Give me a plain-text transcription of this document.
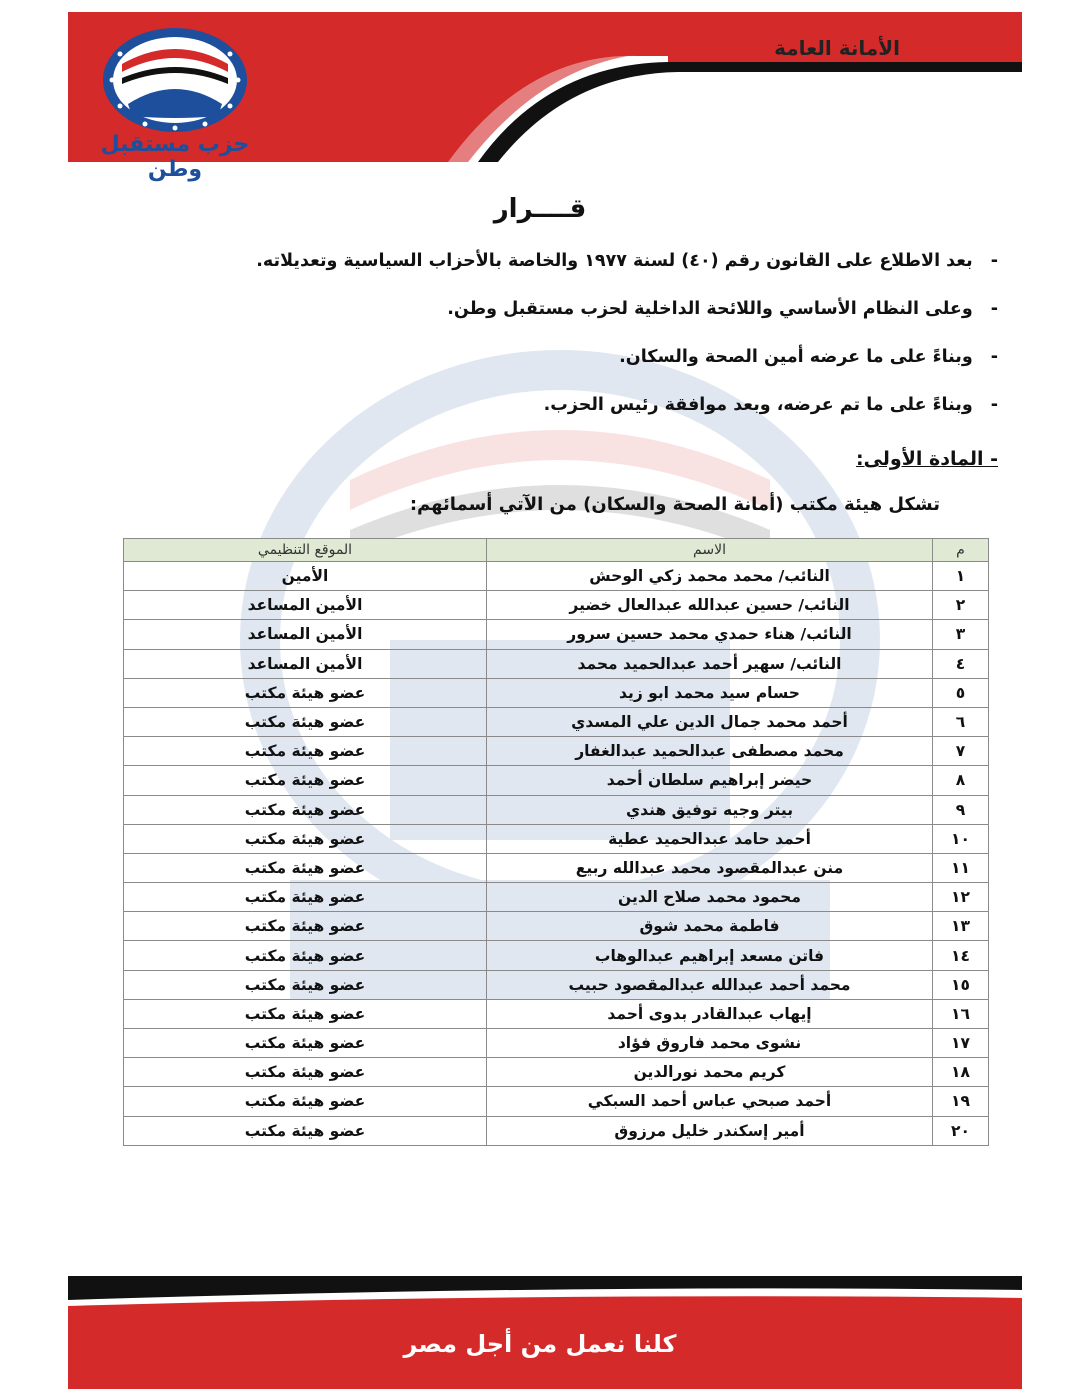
الأمانة العامة
حزب مستقبل وطن
قــــرار
- بعد الاطلاع على القانون رقم (٤٠) لسنة ١٩٧٧ والخاصة بالأحزاب السياسية وتعديلاته.
- وعلى النظام الأساسي واللائحة الداخلية لحزب مستقبل وطن.
- وبناءً على ما عرضه أمين الصحة والسكان.
- وبناءً على ما تم عرضه، وبعد موافقة رئيس الحزب.
- المادة الأولى:
تشكل هيئة مكتب (أمانة الصحة والسكان) من الآتي أسمائهم:
م	الاسم	الموقع التنظيمي
١	النائب/ محمد محمد زكي الوحش	الأمين
٢	النائب/ حسين عبدالله عبدالعال خضير	الأمين المساعد
٣	النائب/ هناء حمدي محمد حسين سرور	الأمين المساعد
٤	النائب/ سهير أحمد عبدالحميد محمد	الأمين المساعد
٥	حسام سيد محمد ابو زيد	عضو هيئة مكتب
٦	أحمد محمد جمال الدين علي المسدي	عضو هيئة مكتب
٧	محمد مصطفى عبدالحميد عبدالغفار	عضو هيئة مكتب
٨	حيضر إبراهيم سلطان أحمد	عضو هيئة مكتب
٩	بيتر وجيه توفيق هندي	عضو هيئة مكتب
١٠	أحمد حامد عبدالحميد عطية	عضو هيئة مكتب
١١	منن عبدالمقصود محمد عبدالله ربيع	عضو هيئة مكتب
١٢	محمود محمد صلاح الدين	عضو هيئة مكتب
١٣	فاطمة محمد شوق	عضو هيئة مكتب
١٤	فاتن مسعد إبراهيم عبدالوهاب	عضو هيئة مكتب
١٥	محمد أحمد عبدالله عبدالمقصود حبيب	عضو هيئة مكتب
١٦	إيهاب عبدالقادر بدوى أحمد	عضو هيئة مكتب
١٧	نشوى محمد فاروق فؤاد	عضو هيئة مكتب
١٨	كريم محمد نورالدين	عضو هيئة مكتب
١٩	أحمد صبحي عباس أحمد السبكي	عضو هيئة مكتب
٢٠	أمير إسكندر خليل مرزوق	عضو هيئة مكتب
كلنا نعمل من أجل مصر
